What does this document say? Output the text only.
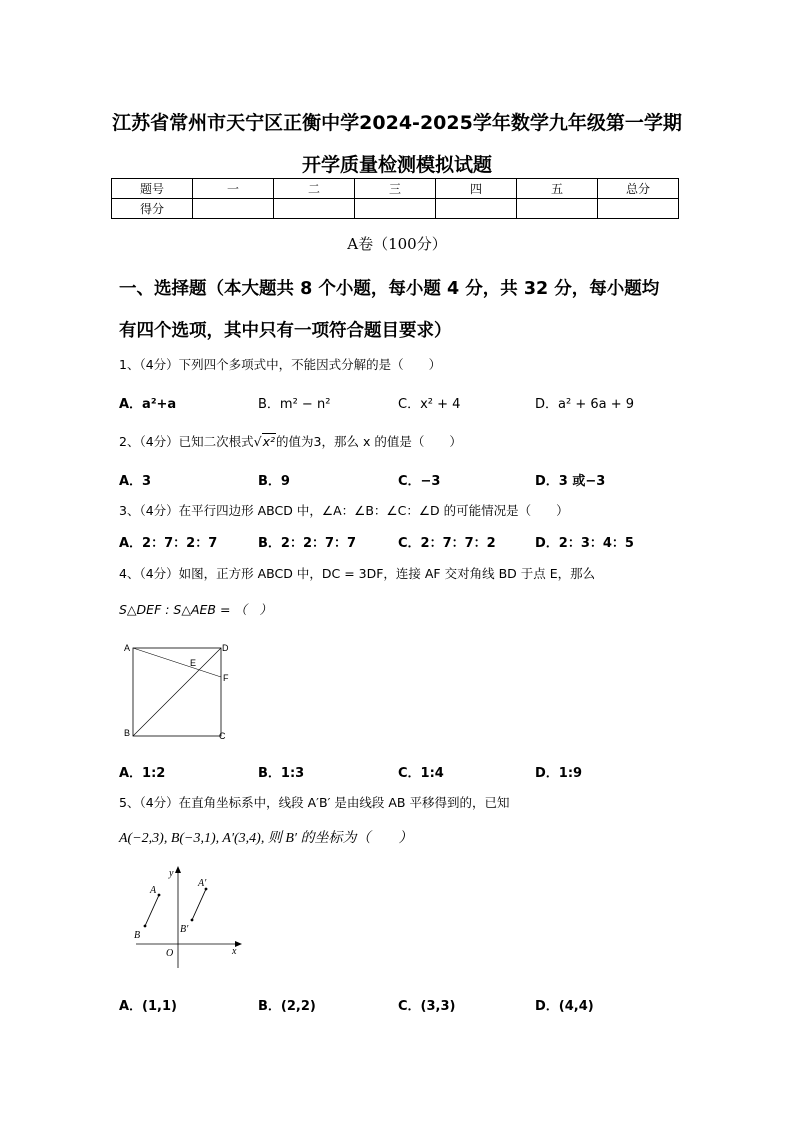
江苏省常州市天宁区正衡中学2024-2025学年数学九年级第一学期
开学质量检测模拟试题
题号	一	二	三	四	五	总分
得分						
A卷（100分）
一、选择题（本大题共 8 个小题，每小题 4 分，共 32 分，每小题均
有四个选项，其中只有一项符合题目要求）
1、（4分）下列四个多项式中，不能因式分解的是（　　）
A．a²+a	B．m² − n²	C．x² + 4	D．a² + 6a + 9
2、（4分）已知二次根式√x²的值为3，那么 x 的值是（　　）
A．3	B．9	C．−3	D．3 或−3
3、（4分）在平行四边形 ABCD 中，∠A：∠B：∠C：∠D 的可能情况是（　　）
A．2：7：2：7	B．2：2：7：7	C．2：7：7：2	D．2：3：4：5
4、（4分）如图，正方形 ABCD 中，DC = 3DF，连接 AF 交对角线 BD 于点 E，那么
S△DEF : S△AEB = （　）
A	D
E
F
B	C
A．1:2	B．1:3	C．1:4	D．1:9
5、（4分）在直角坐标系中，线段 A′B′ 是由线段 AB 平移得到的，已知
A(−2,3), B(−3,1), A′(3,4), 则 B′ 的坐标为（　　）
y
A
A′
B
B′
O	x
A．(1,1)	B．(2,2)	C．(3,3)	D．(4,4)
